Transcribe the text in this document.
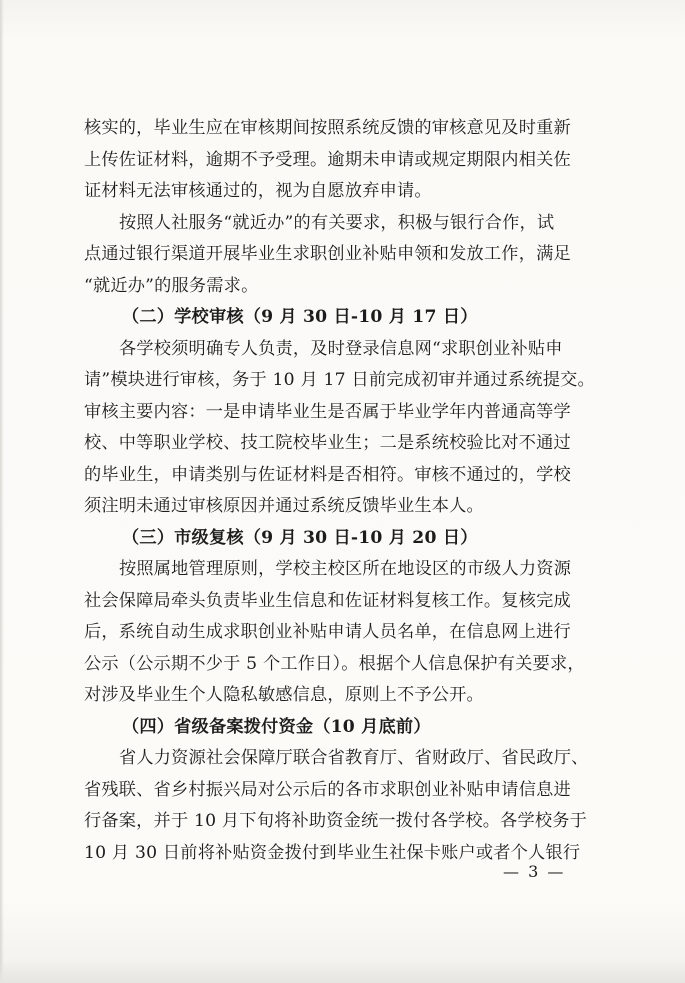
核实的，毕业生应在审核期间按照系统反馈的审核意见及时重新
上传佐证材料，逾期不予受理。逾期未申请或规定期限内相关佐
证材料无法审核通过的，视为自愿放弃申请。
按照人社服务“就近办”的有关要求，积极与银行合作，试
点通过银行渠道开展毕业生求职创业补贴申领和发放工作，满足
“就近办”的服务需求。
（二）学校审核（9 月 30 日-10 月 17 日）
各学校须明确专人负责，及时登录信息网“求职创业补贴申
请”模块进行审核，务于 10 月 17 日前完成初审并通过系统提交。
审核主要内容：一是申请毕业生是否属于毕业学年内普通高等学
校、中等职业学校、技工院校毕业生；二是系统校验比对不通过
的毕业生，申请类别与佐证材料是否相符。审核不通过的，学校
须注明未通过审核原因并通过系统反馈毕业生本人。
（三）市级复核（9 月 30 日-10 月 20 日）
按照属地管理原则，学校主校区所在地设区的市级人力资源
社会保障局牵头负责毕业生信息和佐证材料复核工作。复核完成
后，系统自动生成求职创业补贴申请人员名单，在信息网上进行
公示（公示期不少于 5 个工作日）。根据个人信息保护有关要求，
对涉及毕业生个人隐私敏感信息，原则上不予公开。
（四）省级备案拨付资金（10 月底前）
省人力资源社会保障厅联合省教育厅、省财政厅、省民政厅、
省残联、省乡村振兴局对公示后的各市求职创业补贴申请信息进
行备案，并于 10 月下旬将补助资金统一拨付各学校。各学校务于
10 月 30 日前将补贴资金拨付到毕业生社保卡账户或者个人银行
— 3 —
